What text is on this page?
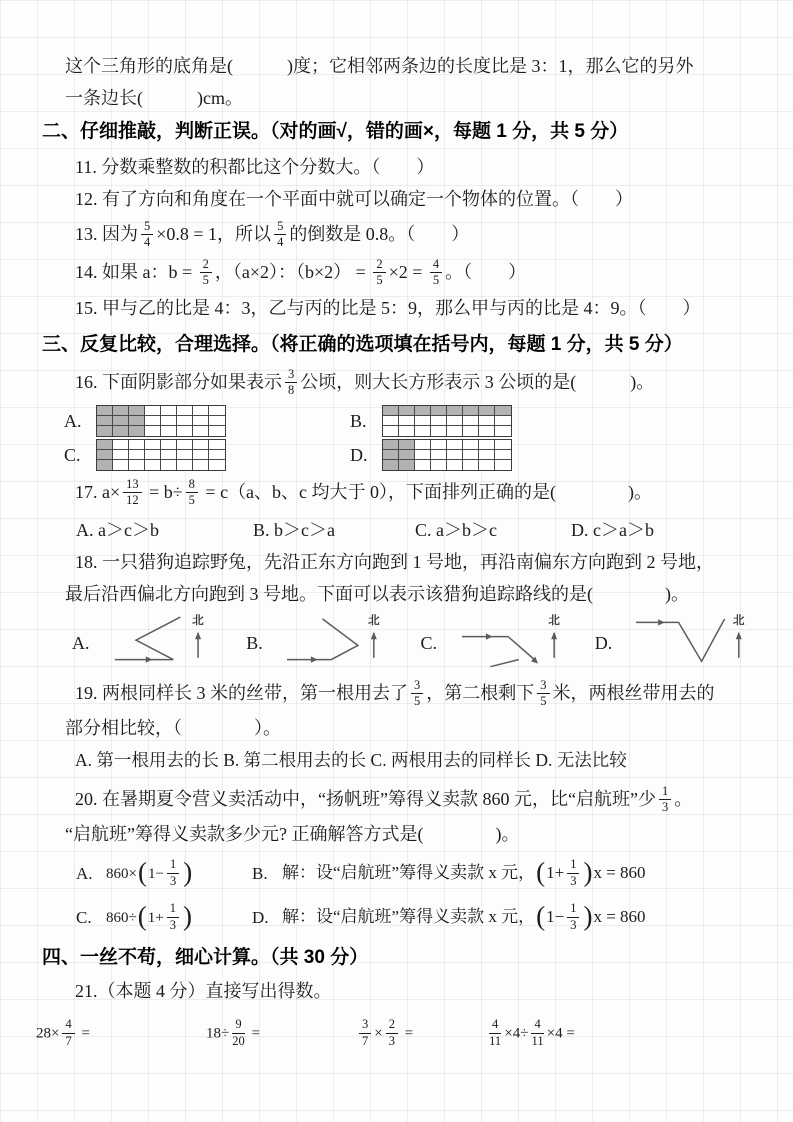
这个三角形的底角是(　　　)度；它相邻两条边的长度比是 3：1，那么它的另外
一条边长(　　　)cm。
二、仔细推敲，判断正误。（对的画√，错的画×，每题 1 分，共 5 分）
11. 分数乘整数的积都比这个分数大。（　　）
12. 有了方向和角度在一个平面中就可以确定一个物体的位置。（　　）
13. 因为 $\frac{5}{4} \times 0.8 = 1$，所以 $\frac{5}{4}$ 的倒数是 0.8。（　　）
14. 如果 a：$b = \frac{2}{5}$ ，（a×2）：$(b\times 2) = \frac{2}{5} \times 2 = \frac{4}{5}$ 。（　　）
15. 甲与乙的比是 4：3，乙与丙的比是 5：9，那么甲与丙的比是 4：9。（　　）
三、反复比较，合理选择。（将正确的选项填在括号内，每题 1 分，共 5 分）
16. 下面阴影部分如果表示 $\frac{3}{8}$ 公顷，则大长方形表示 3 公顷的是(　　　)。
A.	B.
C.	D.
17. $a\times \frac{13}{12} = b\div \frac{8}{5} = c(a$、b、c 均大于 0），下面排列正确的是(　　　　)。
A. a＞c＞b	B. b＞c＞a	C. a＞b＞c	D. c＞a＞b
18. 一只猎狗追踪野兔，先沿正东方向跑到 1 号地，再沿南偏东方向跑到 2 号地，
最后沿西偏北方向跑到 3 号地。下面可以表示该猎狗追踪路线的是(　　　　)。
A.
北
B.
北
C.
北
D.
北
19. 两根同样长 3 米的丝带，第一根用去了 $\frac{3}{5}$ ，第二根剩下 $\frac{3}{5}$ 米，两根丝带用去的
部分相比较，（　　　　）。
A. 第一根用去的长 B. 第二根用去的长 C. 两根用去的同样长 D. 无法比较
20. 在暑期夏令营义卖活动中，“扬帆班”筹得义卖款 860 元，比“启航班”少 $\frac{1}{3}$ 。
“启航班”筹得义卖款多少元? 正确解答方式是(　　　　)。
A. $860\times(1- \frac{1}{3}$ )	B. 解：设“启航班”筹得义卖款 x 元，$(1+ \frac{1}{3} )x = 860$
C. $860\div(1+ \frac{1}{3}$ )	D. 解：设“启航班”筹得义卖款 x 元，$(1- \frac{1}{3} )x = 860$
四、一丝不苟，细心计算。（共 30 分）
21.（本题 4 分）直接写出得数。
$28\times \frac{4}{7}$ =	$18\div \frac{9}{20}$ =	$\frac{3}{7} \times \frac{2}{3}$ =	$\frac{4}{11} \times 4\div \frac{4}{11} \times 4$ =
